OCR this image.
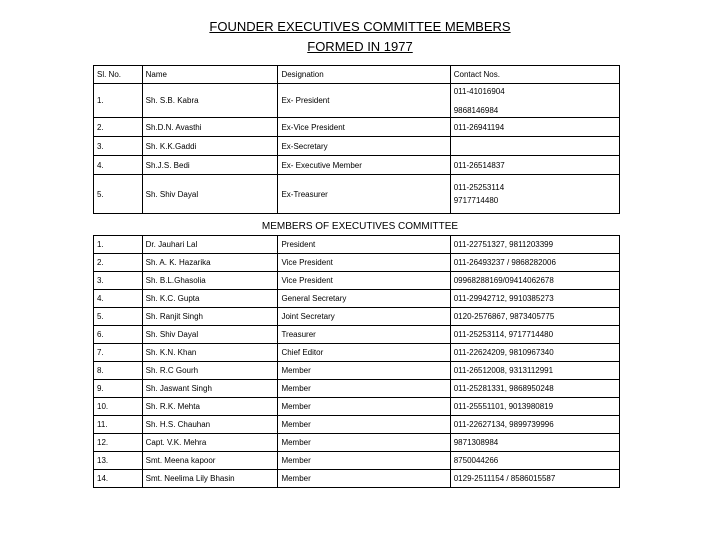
FOUNDER EXECUTIVES COMMITTEE MEMBERS
FORMED IN 1977
Sl. No.	Name	Designation	Contact Nos.
1.	Sh. S.B. Kabra	Ex- President	011-41016904
9868146984

2.	Sh.D.N. Avasthi	Ex-Vice President	011-26941194
3.	Sh. K.K.Gaddi	Ex-Secretary	
4.	Sh.J.S. Bedi	Ex- Executive Member	011-26514837
5.	Sh. Shiv Dayal	Ex-Treasurer	011-25253114
9717714480
MEMBERS OF EXECUTIVES COMMITTEE
1.	Dr. Jauhari Lal	President	011-22751327, 9811203399
2.	Sh. A. K. Hazarika	Vice President	011-26493237 / 9868282006
3.	Sh. B.L.Ghasolia	Vice President	09968288169/09414062678
4.	Sh. K.C. Gupta	General Secretary	011-29942712, 9910385273
5.	Sh. Ranjit Singh	Joint Secretary	0120-2576867, 9873405775
6.	Sh. Shiv Dayal	Treasurer	011-25253114, 9717714480
7.	Sh. K.N. Khan	Chief Editor	011-22624209, 9810967340
8.	Sh. R.C Gourh	Member	011-26512008, 9313112991
9.	Sh. Jaswant Singh	Member	011-25281331, 9868950248
10.	Sh. R.K. Mehta	Member	011-25551101, 9013980819
11.	Sh. H.S. Chauhan	Member	011-22627134, 9899739996
12.	Capt. V.K. Mehra	Member	9871308984
13.	Smt. Meena kapoor	Member	8750044266
14.	Smt. Neelima Lily Bhasin	Member	0129-2511154 / 8586015587
